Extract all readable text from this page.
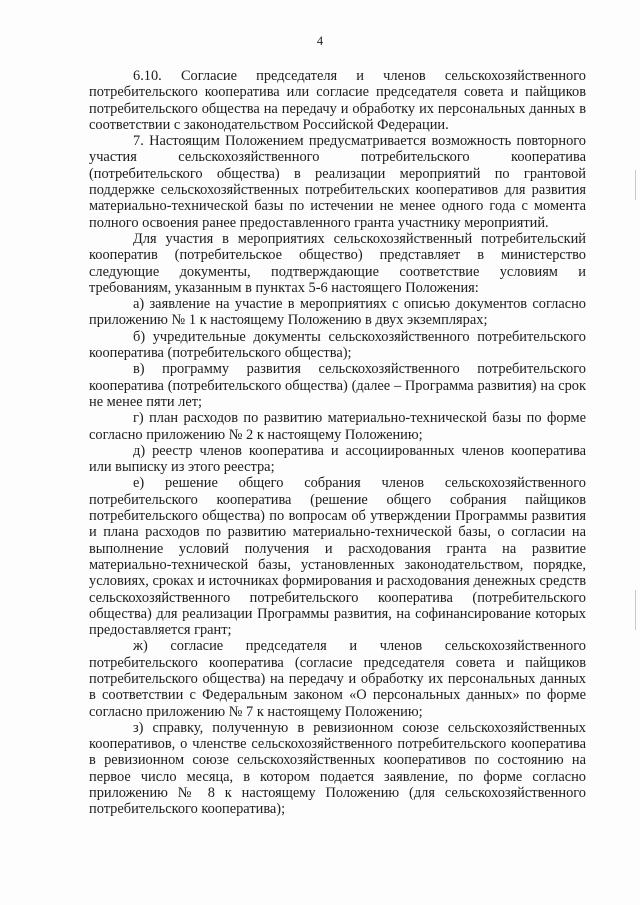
4

6.10. Согласие председателя и членов сельскохозяйственного потребительского кооператива или согласие председателя совета и пайщиков потребительского общества на передачу и обработку их персональных данных в соответствии с законодательством Российской Федерации.

7. Настоящим Положением предусматривается возможность повторного участия сельскохозяйственного потребительского кооператива (потребительского общества) в реализации мероприятий по грантовой поддержке сельскохозяйственных потребительских кооперативов для развития материально-технической базы по истечении не менее одного года с момента полного освоения ранее предоставленного гранта участнику мероприятий.

Для участия в мероприятиях сельскохозяйственный потребительский кооператив (потребительское общество) представляет в министерство следующие документы, подтверждающие соответствие условиям и требованиям, указанным в пунктах 5-6 настоящего Положения:

а) заявление на участие в мероприятиях с описью документов согласно приложению № 1 к настоящему Положению в двух экземплярах;

б) учредительные документы сельскохозяйственного потребительского кооператива (потребительского общества);

в) программу развития сельскохозяйственного потребительского кооператива (потребительского общества) (далее – Программа развития) на срок не менее пяти лет;

г) план расходов по развитию материально-технической базы по форме согласно приложению № 2 к настоящему Положению;

д) реестр членов кооператива и ассоциированных членов кооператива или выписку из этого реестра;

е) решение общего собрания членов сельскохозяйственного потребительского кооператива (решение общего собрания пайщиков потребительского общества) по вопросам об утверждении Программы развития и плана расходов по развитию материально-технической базы, о согласии на выполнение условий получения и расходования гранта на развитие материально-технической базы, установленных законодательством, порядке, условиях, сроках и источниках формирования и расходования денежных средств сельскохозяйственного потребительского кооператива (потребительского общества) для реализации Программы развития, на софинансирование которых предоставляется грант;

ж) согласие председателя и членов сельскохозяйственного потребительского кооператива (согласие председателя совета и пайщиков потребительского общества) на передачу и обработку их персональных данных в соответствии с Федеральным законом «О персональных данных» по форме согласно приложению № 7 к настоящему Положению;

з) справку, полученную в ревизионном союзе сельскохозяйственных кооперативов, о членстве сельскохозяйственного потребительского кооператива в ревизионном союзе сельскохозяйственных кооперативов по состоянию на первое число месяца, в котором подается заявление, по форме согласно приложению № 8 к настоящему Положению (для сельскохозяйственного потребительского кооператива);
